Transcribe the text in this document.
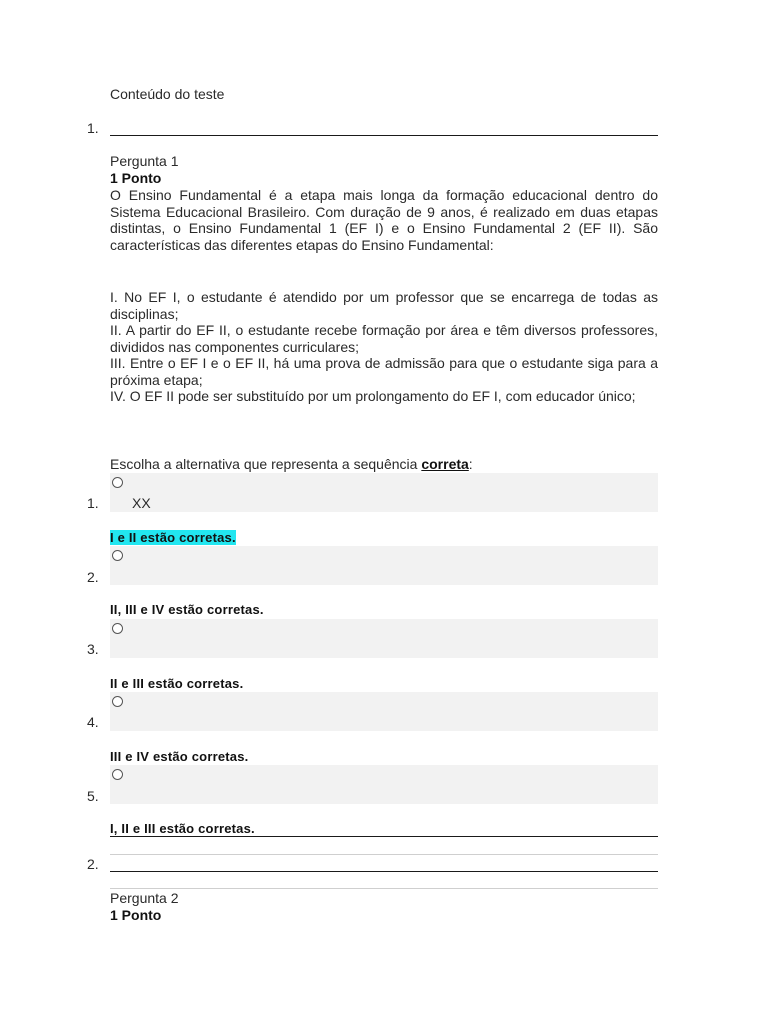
Conteúdo do teste
1.
Pergunta 1
1 Ponto
O Ensino Fundamental é a etapa mais longa da formação educacional dentro do Sistema Educacional Brasileiro. Com duração de 9 anos, é realizado em duas etapas distintas, o Ensino Fundamental 1 (EF I) e o Ensino Fundamental 2 (EF II). São características das diferentes etapas do Ensino Fundamental:
I. No EF I, o estudante é atendido por um professor que se encarrega de todas as disciplinas;
II. A partir do EF II, o estudante recebe formação por área e têm diversos professores, divididos nas componentes curriculares;
III. Entre o EF I e o EF II, há uma prova de admissão para que o estudante siga para a próxima etapa;
IV. O EF II pode ser substituído por um prolongamento do EF I, com educador único;
Escolha a alternativa que representa a sequência correta:
1. XX
I e II estão corretas.
2.
II, III e IV estão corretas.
3.
II e III estão corretas.
4.
III e IV estão corretas.
5.
I, II e III estão corretas.
2.
Pergunta 2
1 Ponto
